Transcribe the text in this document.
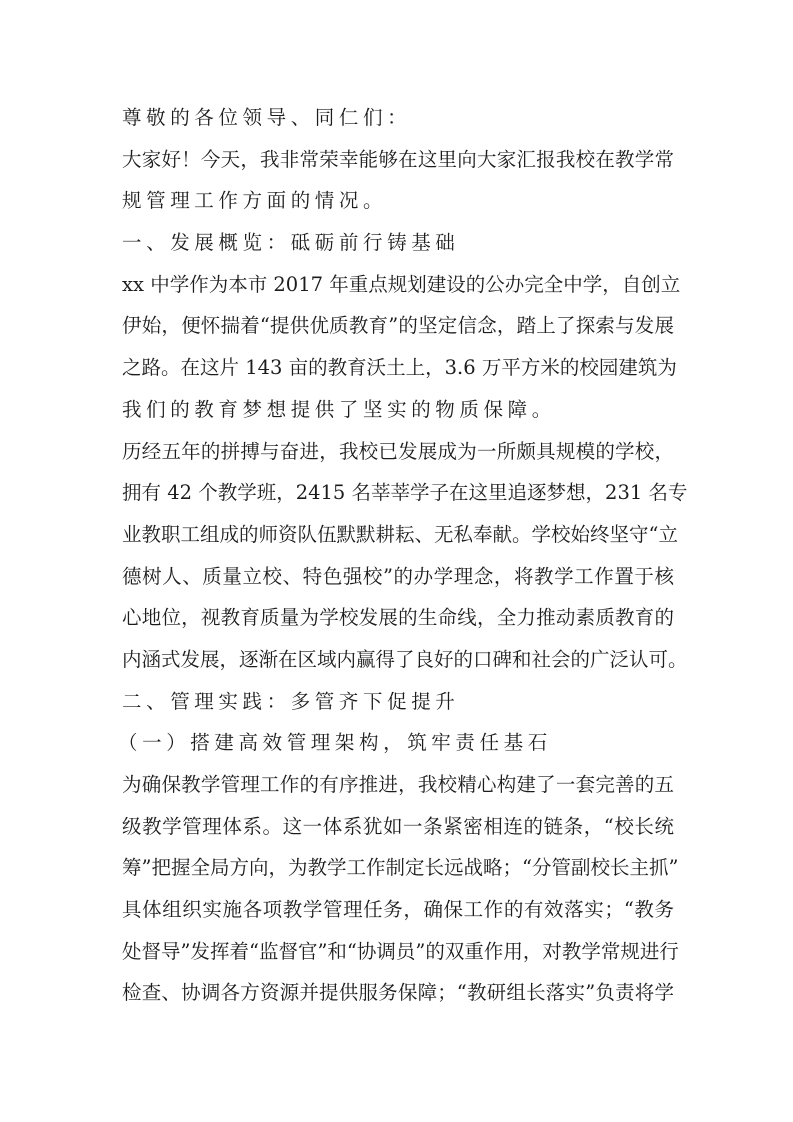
尊敬的各位领导、同仁们：
大家好！今天，我非常荣幸能够在这里向大家汇报我校在教学常
规管理工作方面的情况。
一、发展概览：砥砺前行铸基础
xx 中学作为本市 2017 年重点规划建设的公办完全中学，自创立
伊始，便怀揣着“提供优质教育”的坚定信念，踏上了探索与发展
之路。在这片 143 亩的教育沃土上，3.6 万平方米的校园建筑为
我们的教育梦想提供了坚实的物质保障。
历经五年的拼搏与奋进，我校已发展成为一所颇具规模的学校，
拥有 42 个教学班，2415 名莘莘学子在这里追逐梦想，231 名专
业教职工组成的师资队伍默默耕耘、无私奉献。学校始终坚守“立
德树人、质量立校、特色强校”的办学理念，将教学工作置于核
心地位，视教育质量为学校发展的生命线，全力推动素质教育的
内涵式发展，逐渐在区域内赢得了良好的口碑和社会的广泛认可。
二、管理实践：多管齐下促提升
（一）搭建高效管理架构，筑牢责任基石
为确保教学管理工作的有序推进，我校精心构建了一套完善的五
级教学管理体系。这一体系犹如一条紧密相连的链条，“校长统
筹”把握全局方向，为教学工作制定长远战略；“分管副校长主抓”
具体组织实施各项教学管理任务，确保工作的有效落实；“教务
处督导”发挥着“监督官”和“协调员”的双重作用，对教学常规进行
检查、协调各方资源并提供服务保障；“教研组长落实”负责将学
